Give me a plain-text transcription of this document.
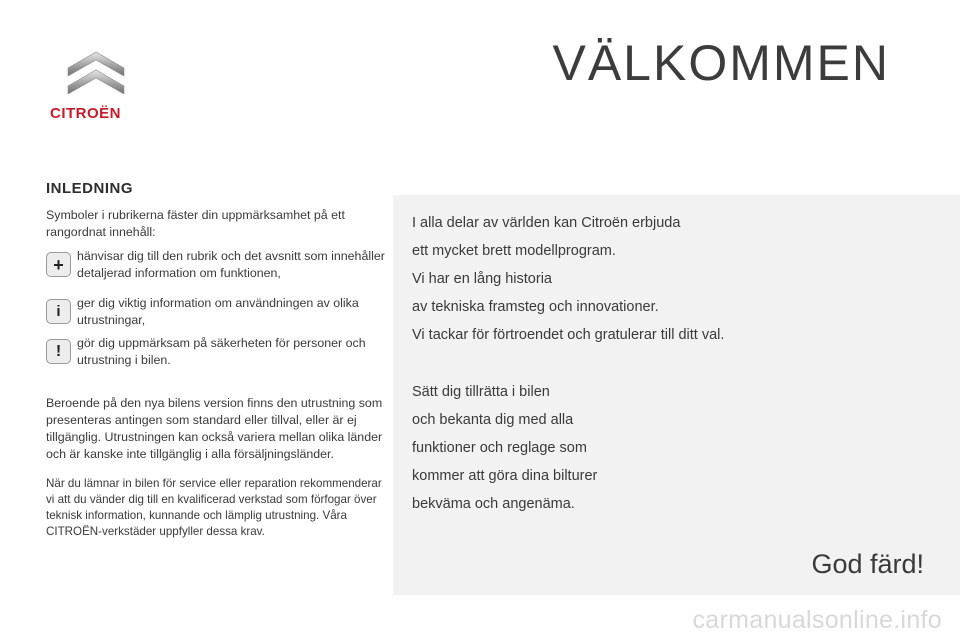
CITROËN
VÄLKOMMEN
INLEDNING

Symboler i rubrikerna fäster din uppmärksamhet på ett rangordnat innehåll:

+	hänvisar dig till den rubrik och det avsnitt som innehåller detaljerad information om funktionen,

i	ger dig viktig information om användningen av olika utrustningar,

!	gör dig uppmärksam på säkerheten för personer och utrustning i bilen.

Beroende på den nya bilens version finns den utrustning som presenteras antingen som standard eller tillval, eller är ej tillgänglig. Utrustningen kan också variera mellan olika länder och är kanske inte tillgänglig i alla försäljningsländer.

När du lämnar in bilen för service eller reparation rekommenderar vi att du vänder dig till en kvalificerad verkstad som förfogar över teknisk information, kunnande och lämplig utrustning. Våra CITROËN-verkstäder uppfyller dessa krav.

I alla delar av världen kan Citroën erbjuda

ett mycket brett modellprogram.

Vi har en lång historia

av tekniska framsteg och innovationer.

Vi tackar för förtroendet och gratulerar till ditt val.

Sätt dig tillrätta i bilen

och bekanta dig med alla

funktioner och reglage som

kommer att göra dina bilturer

bekväma och angenäma.

God färd!

carmanualsonline.info
